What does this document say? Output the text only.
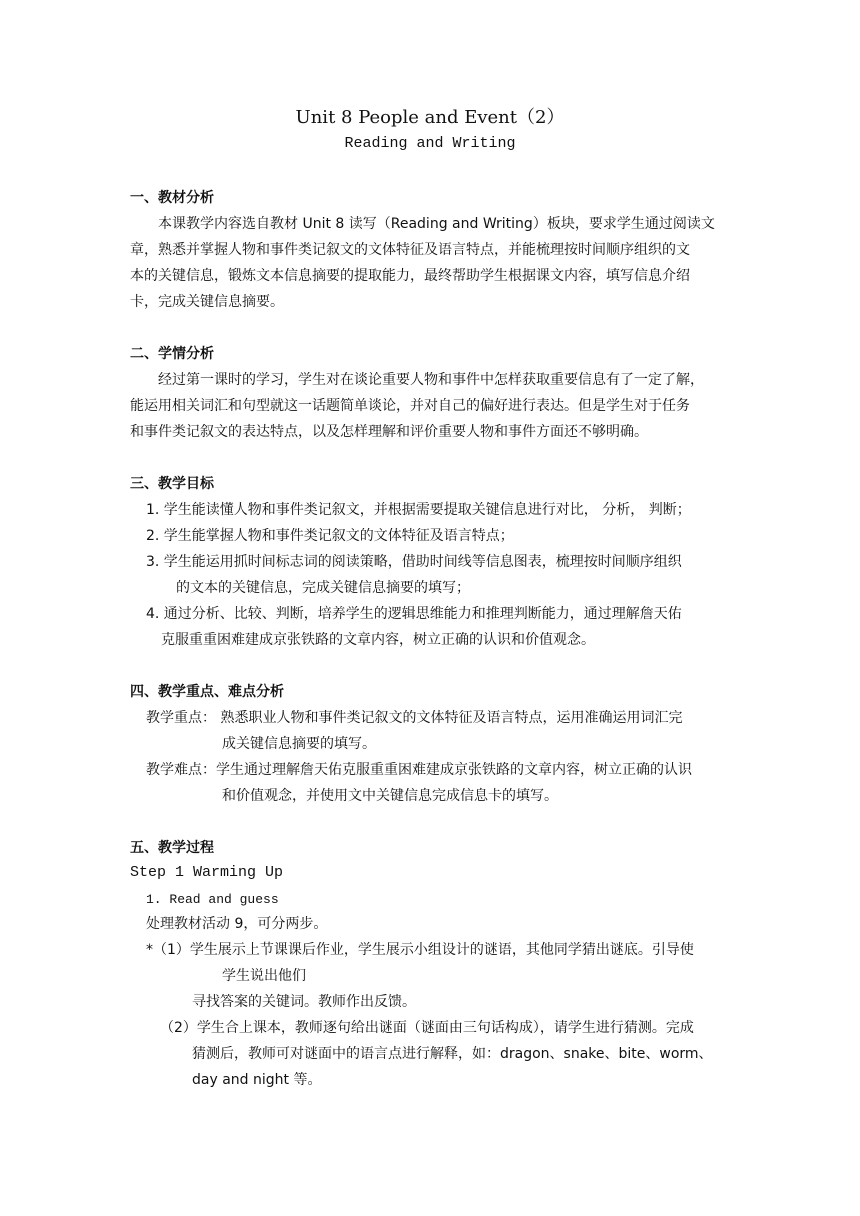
Unit 8 People and Event（2）
Reading and Writing
一、教材分析
本课教学内容选自教材 Unit 8 读写（Reading and Writing）板块，要求学生通过阅读文
章，熟悉并掌握人物和事件类记叙文的文体特征及语言特点，并能梳理按时间顺序组织的文
本的关键信息，锻炼文本信息摘要的提取能力，最终帮助学生根据课文内容，填写信息介绍
卡，完成关键信息摘要。
二、学情分析
经过第一课时的学习，学生对在谈论重要人物和事件中怎样获取重要信息有了一定了解，
能运用相关词汇和句型就这一话题简单谈论，并对自己的偏好进行表达。但是学生对于任务
和事件类记叙文的表达特点，以及怎样理解和评价重要人物和事件方面还不够明确。
三、教学目标
1. 学生能读懂人物和事件类记叙文，并根据需要提取关键信息进行对比， 分析， 判断；
2. 学生能掌握人物和事件类记叙文的文体特征及语言特点；
3. 学生能运用抓时间标志词的阅读策略，借助时间线等信息图表，梳理按时间顺序组织
的文本的关键信息，完成关键信息摘要的填写；
4. 通过分析、比较、判断，培养学生的逻辑思维能力和推理判断能力，通过理解詹天佑
克服重重困难建成京张铁路的文章内容，树立正确的认识和价值观念。
四、教学重点、难点分析
教学重点： 熟悉职业人物和事件类记叙文的文体特征及语言特点，运用准确运用词汇完
成关键信息摘要的填写。
教学难点：学生通过理解詹天佑克服重重困难建成京张铁路的文章内容，树立正确的认识
和价值观念，并使用文中关键信息完成信息卡的填写。
五、教学过程
Step 1 Warming Up
1. Read and guess
处理教材活动 9，可分两步。
*（1）学生展示上节课课后作业，学生展示小组设计的谜语，其他同学猜出谜底。引导使
学生说出他们
寻找答案的关键词。教师作出反馈。
（2）学生合上课本，教师逐句给出谜面（谜面由三句话构成），请学生进行猜测。完成
猜测后，教师可对谜面中的语言点进行解释，如：dragon、snake、bite、worm、
day and night 等。
